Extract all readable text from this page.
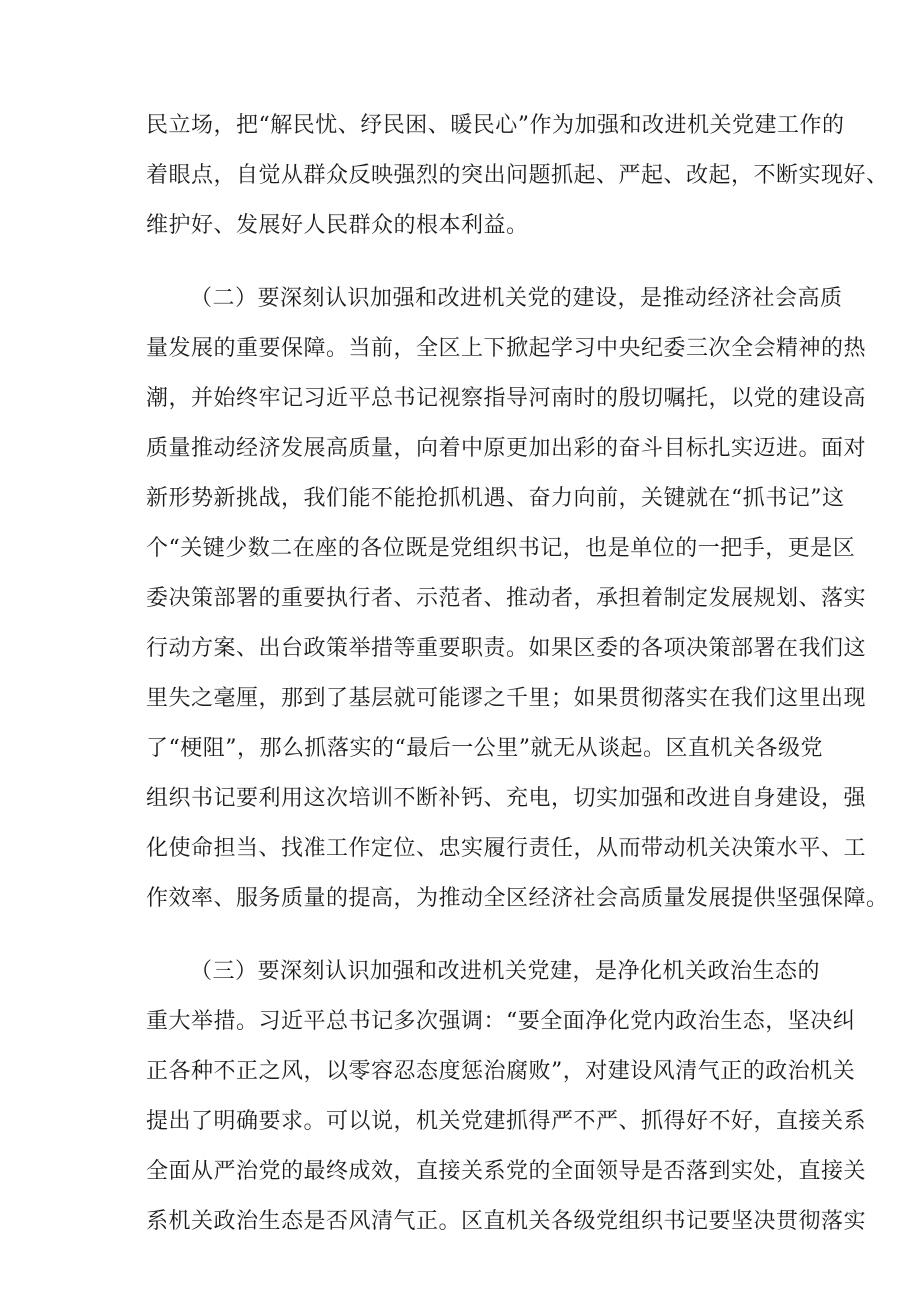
民立场，把“解民忧、纾民困、暖民心”作为加强和改进机关党建工作的

着眼点，自觉从群众反映强烈的突出问题抓起、严起、改起，不断实现好、

维护好、发展好人民群众的根本利益。

（二）要深刻认识加强和改进机关党的建设，是推动经济社会高质

量发展的重要保障。当前，全区上下掀起学习中央纪委三次全会精神的热

潮，并始终牢记习近平总书记视察指导河南时的殷切嘱托，以党的建设高

质量推动经济发展高质量，向着中原更加出彩的奋斗目标扎实迈进。面对

新形势新挑战，我们能不能抢抓机遇、奋力向前，关键就在“抓书记”这

个“关键少数二在座的各位既是党组织书记，也是单位的一把手，更是区

委决策部署的重要执行者、示范者、推动者，承担着制定发展规划、落实

行动方案、出台政策举措等重要职责。如果区委的各项决策部署在我们这

里失之毫厘，那到了基层就可能谬之千里；如果贯彻落实在我们这里出现

了“梗阻”，那么抓落实的“最后一公里”就无从谈起。区直机关各级党

组织书记要利用这次培训不断补钙、充电，切实加强和改进自身建设，强

化使命担当、找准工作定位、忠实履行责任，从而带动机关决策水平、工

作效率、服务质量的提高，为推动全区经济社会高质量发展提供坚强保障。

（三）要深刻认识加强和改进机关党建，是净化机关政治生态的

重大举措。习近平总书记多次强调：“要全面净化党内政治生态，坚决纠

正各种不正之风，以零容忍态度惩治腐败”，对建设风清气正的政治机关

提出了明确要求。可以说，机关党建抓得严不严、抓得好不好，直接关系

全面从严治党的最终成效，直接关系党的全面领导是否落到实处，直接关

系机关政治生态是否风清气正。区直机关各级党组织书记要坚决贯彻落实
